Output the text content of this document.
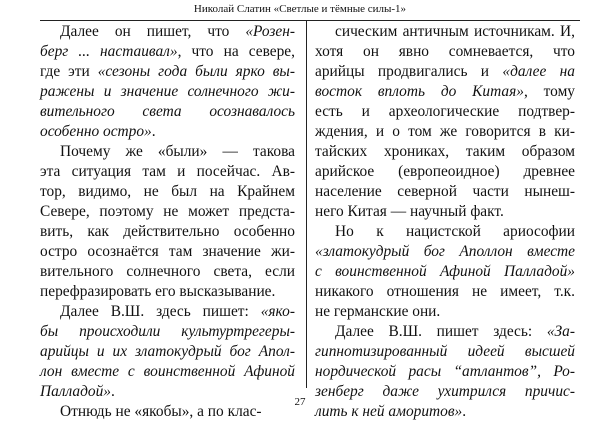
Николай Слатин «Светлые и тёмные силы-1»

Далее он пишет, что «Розен-
берг ... настаивал», что на севере,
где эти «сезоны года были ярко вы-
ражены и значение солнечного жи-
вительного света осознавалось
особенно остро».

Почему же «были» — такова
эта ситуация там и посейчас. Ав-
тор, видимо, не был на Крайнем
Севере, поэтому не может предста-
вить, как действительно особенно
остро осознаётся там значение жи-
вительного солнечного света, если
перефразировать его высказывание.

Далее В.Ш. здесь пишет: «яко-
бы происходили культуртрегеры-
арийцы и их златокудрый бог Апол-
лон вместе с воинственной Афиной
Палладой».

Отнюдь не «якобы», а по клас-

сическим античным источникам. И,
хотя он явно сомневается, что
арийцы продвигались и «далее на
восток вплоть до Китая», тому
есть и археологические подтвер-
ждения, и о том же говорится в ки-
тайских хрониках, таким образом
арийское (европеоидное) древнее
население северной части нынеш-
него Китая — научный факт.

Но к нацистской ариософии
«златокудрый бог Аполлон вместе
с воинственной Афиной Палладой»
никакого отношения не имеет, т.к.
не германские они.

Далее В.Ш. пишет здесь: «За-
гипнотизированный идеей высшей
нордической расы “атлантов”, Ро-
зенберг даже ухитрился причис-
лить к ней аморитов».

27
